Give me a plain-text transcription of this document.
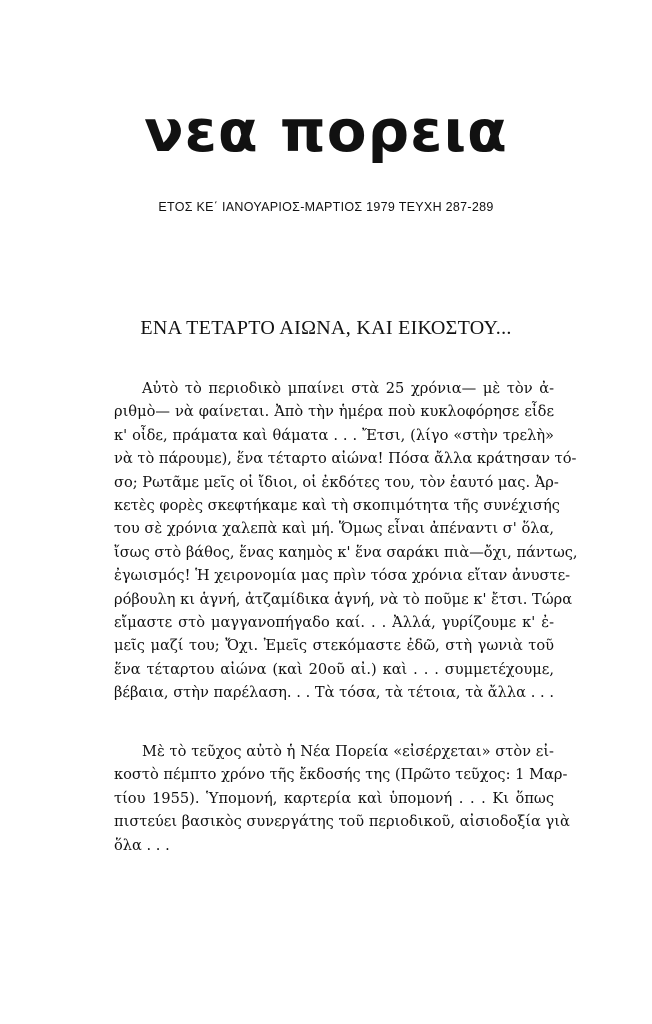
νεα πορεια
ΕΤΟΣ ΚΕ΄ ΙΑΝΟΥΑΡΙΟΣ-ΜΑΡΤΙΟΣ 1979 ΤΕΥΧΗ 287-289
ΕΝΑ ΤΕΤΑΡΤΟ ΑΙΩΝΑ, ΚΑΙ ΕΙΚΟΣΤΟΥ...
Αὐτὸ τὸ περιοδικὸ μπαίνει στὰ 25 χρόνια— μὲ τὸν ἀ-
ριθμὸ— νὰ φαίνεται. Ἀπὸ τὴν ἡμέρα ποὺ κυκλοφόρησε εἶδε
κ' οἶδε, πράματα καὶ θάματα . . . Ἔτσι, (λίγο «στὴν τρελὴ»
νὰ τὸ πάρουμε), ἕνα τέταρτο αἰώνα! Πόσα ἄλλα κράτησαν τό-
σο; Ρωτᾶμε μεῖς οἱ ἴδιοι, οἱ ἐκδότες του, τὸν ἑαυτό μας. Ἀρ-
κετὲς φορὲς σκεφτήκαμε καὶ τὴ σκοπιμότητα τῆς συνέχισής
του σὲ χρόνια χαλεπὰ καὶ μή. Ὅμως εἶναι ἀπέναντι σ' ὅλα,
ἴσως στὸ βάθος, ἕνας καημὸς κ' ἕνα σαράκι πιὰ—ὄχι, πάντως,
ἐγωισμός! Ἡ χειρονομία μας πρὶν τόσα χρόνια εἴταν ἀνυστε-
ρόβουλη κι ἁγνή, ἀτζαμίδικα ἁγνή, νὰ τὸ ποῦμε κ' ἔτσι. Τώρα
εἴμαστε στὸ μαγγανοπήγαδο καί. . . Ἀλλά, γυρίζουμε κ' ἐ-
μεῖς μαζί του; Ὄχι. Ἐμεῖς στεκόμαστε ἐδῶ, στὴ γωνιὰ τοῦ
ἕνα τέταρτου αἰώνα (καὶ 20οῦ αἰ.) καὶ . . . συμμετέχουμε,
βέβαια, στὴν παρέλαση. . . Τὰ τόσα, τὰ τέτοια, τὰ ἄλλα . . .
Μὲ τὸ τεῦχος αὐτὸ ἡ Νέα Πορεία «εἰσέρχεται» στὸν εἰ-
κοστὸ πέμπτο χρόνο τῆς ἔκδοσής της (Πρῶτο τεῦχος: 1 Μαρ-
τίου 1955). Ὑπομονή, καρτερία καὶ ὑπομονή . . . Κι ὅπως
πιστεύει βασικὸς συνεργάτης τοῦ περιοδικοῦ, αἰσιοδοξία γιὰ
ὅλα . . .
